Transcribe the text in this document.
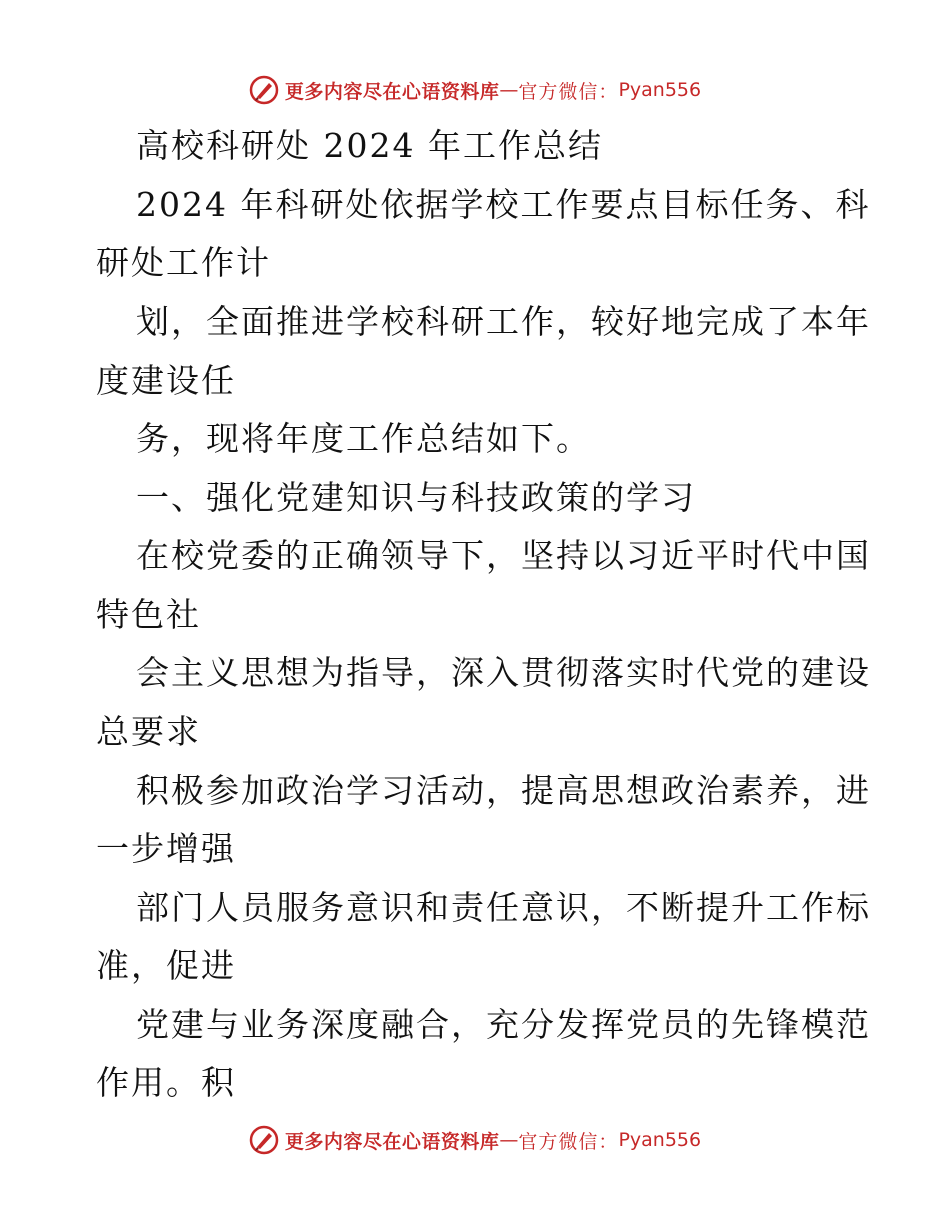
更多内容尽在心语资料库 — 官方微信： Pyan556
高校科研处 2024 年工作总结
2024 年科研处依据学校工作要点目标任务、科
研处工作计
划，全面推进学校科研工作，较好地完成了本年
度建设任
务，现将年度工作总结如下。
一、强化党建知识与科技政策的学习
在校党委的正确领导下，坚持以习近平时代中国
特色社
会主义思想为指导，深入贯彻落实时代党的建设
总要求
积极参加政治学习活动，提高思想政治素养，进
一步增强
部门人员服务意识和责任意识，不断提升工作标
准，促进
党建与业务深度融合，充分发挥党员的先锋模范
作用。积
更多内容尽在心语资料库 — 官方微信： Pyan556
